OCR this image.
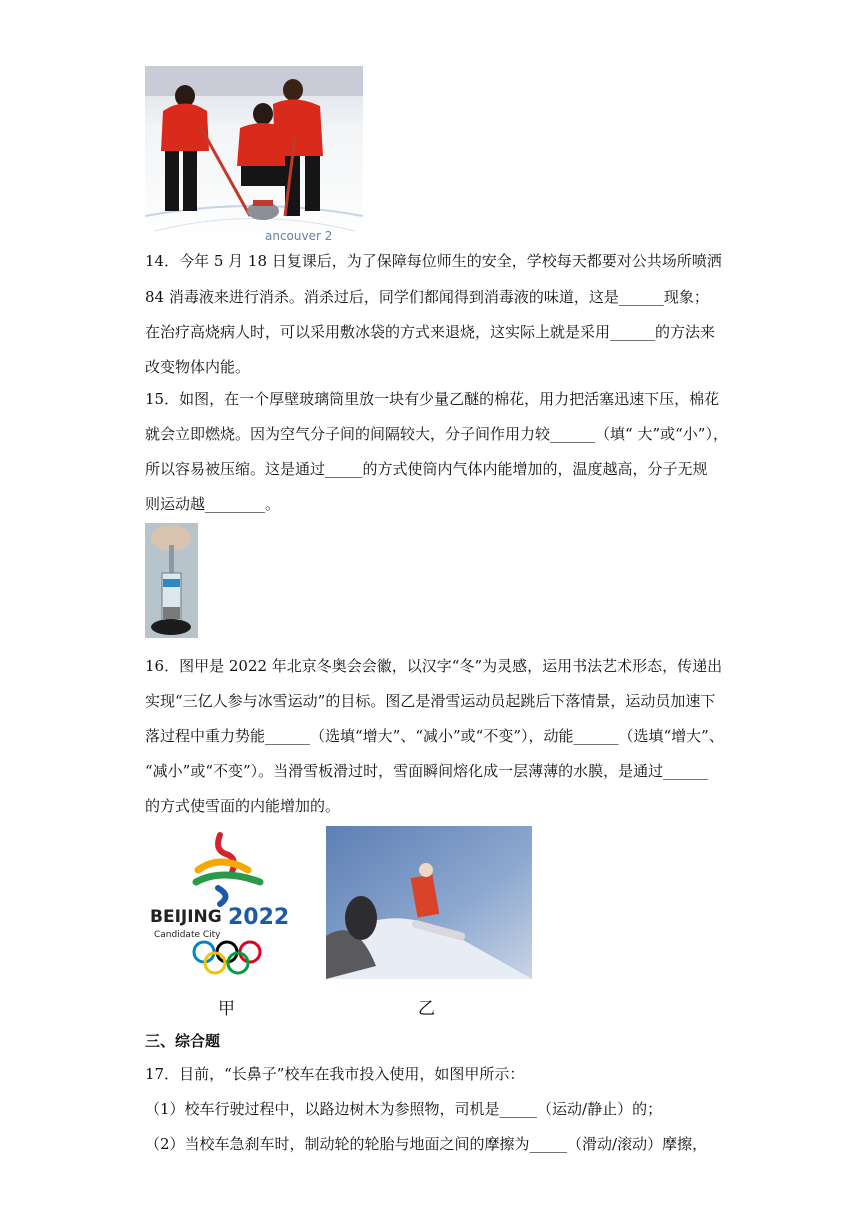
ancouver 2
14．今年 5 月 18 日复课后，为了保障每位师生的安全，学校每天都要对公共场所喷洒
84 消毒液来进行消杀。消杀过后，同学们都闻得到消毒液的味道，这是______现象；
在治疗高烧病人时，可以采用敷冰袋的方式来退烧，这实际上就是采用______的方法来
改变物体内能。
15．如图，在一个厚壁玻璃筒里放一块有少量乙醚的棉花，用力把活塞迅速下压，棉花
就会立即燃烧。因为空气分子间的间隔较大，分子间作用力较______（填“ 大”或“小”），
所以容易被压缩。这是通过_____的方式使筒内气体内能增加的，温度越高，分子无规
则运动越________。
16．图甲是 2022 年北京冬奥会会徽，以汉字“冬”为灵感，运用书法艺术形态，传递出
实现“三亿人参与冰雪运动”的目标。图乙是滑雪运动员起跳后下落情景，运动员加速下
落过程中重力势能______（选填“增大”、“减小”或“不变”），动能______（选填“增大”、
“减小”或“不变”）。当滑雪板滑过时，雪面瞬间熔化成一层薄薄的水膜，是通过______
的方式使雪面的内能增加的。
BEIJING 2022
Candidate City
甲	乙
三、综合题
17．目前，“长鼻子”校车在我市投入使用，如图甲所示：
（1）校车行驶过程中，以路边树木为参照物，司机是_____（运动/静止）的；
（2）当校车急刹车时，制动轮的轮胎与地面之间的摩擦为_____（滑动/滚动）摩擦，
